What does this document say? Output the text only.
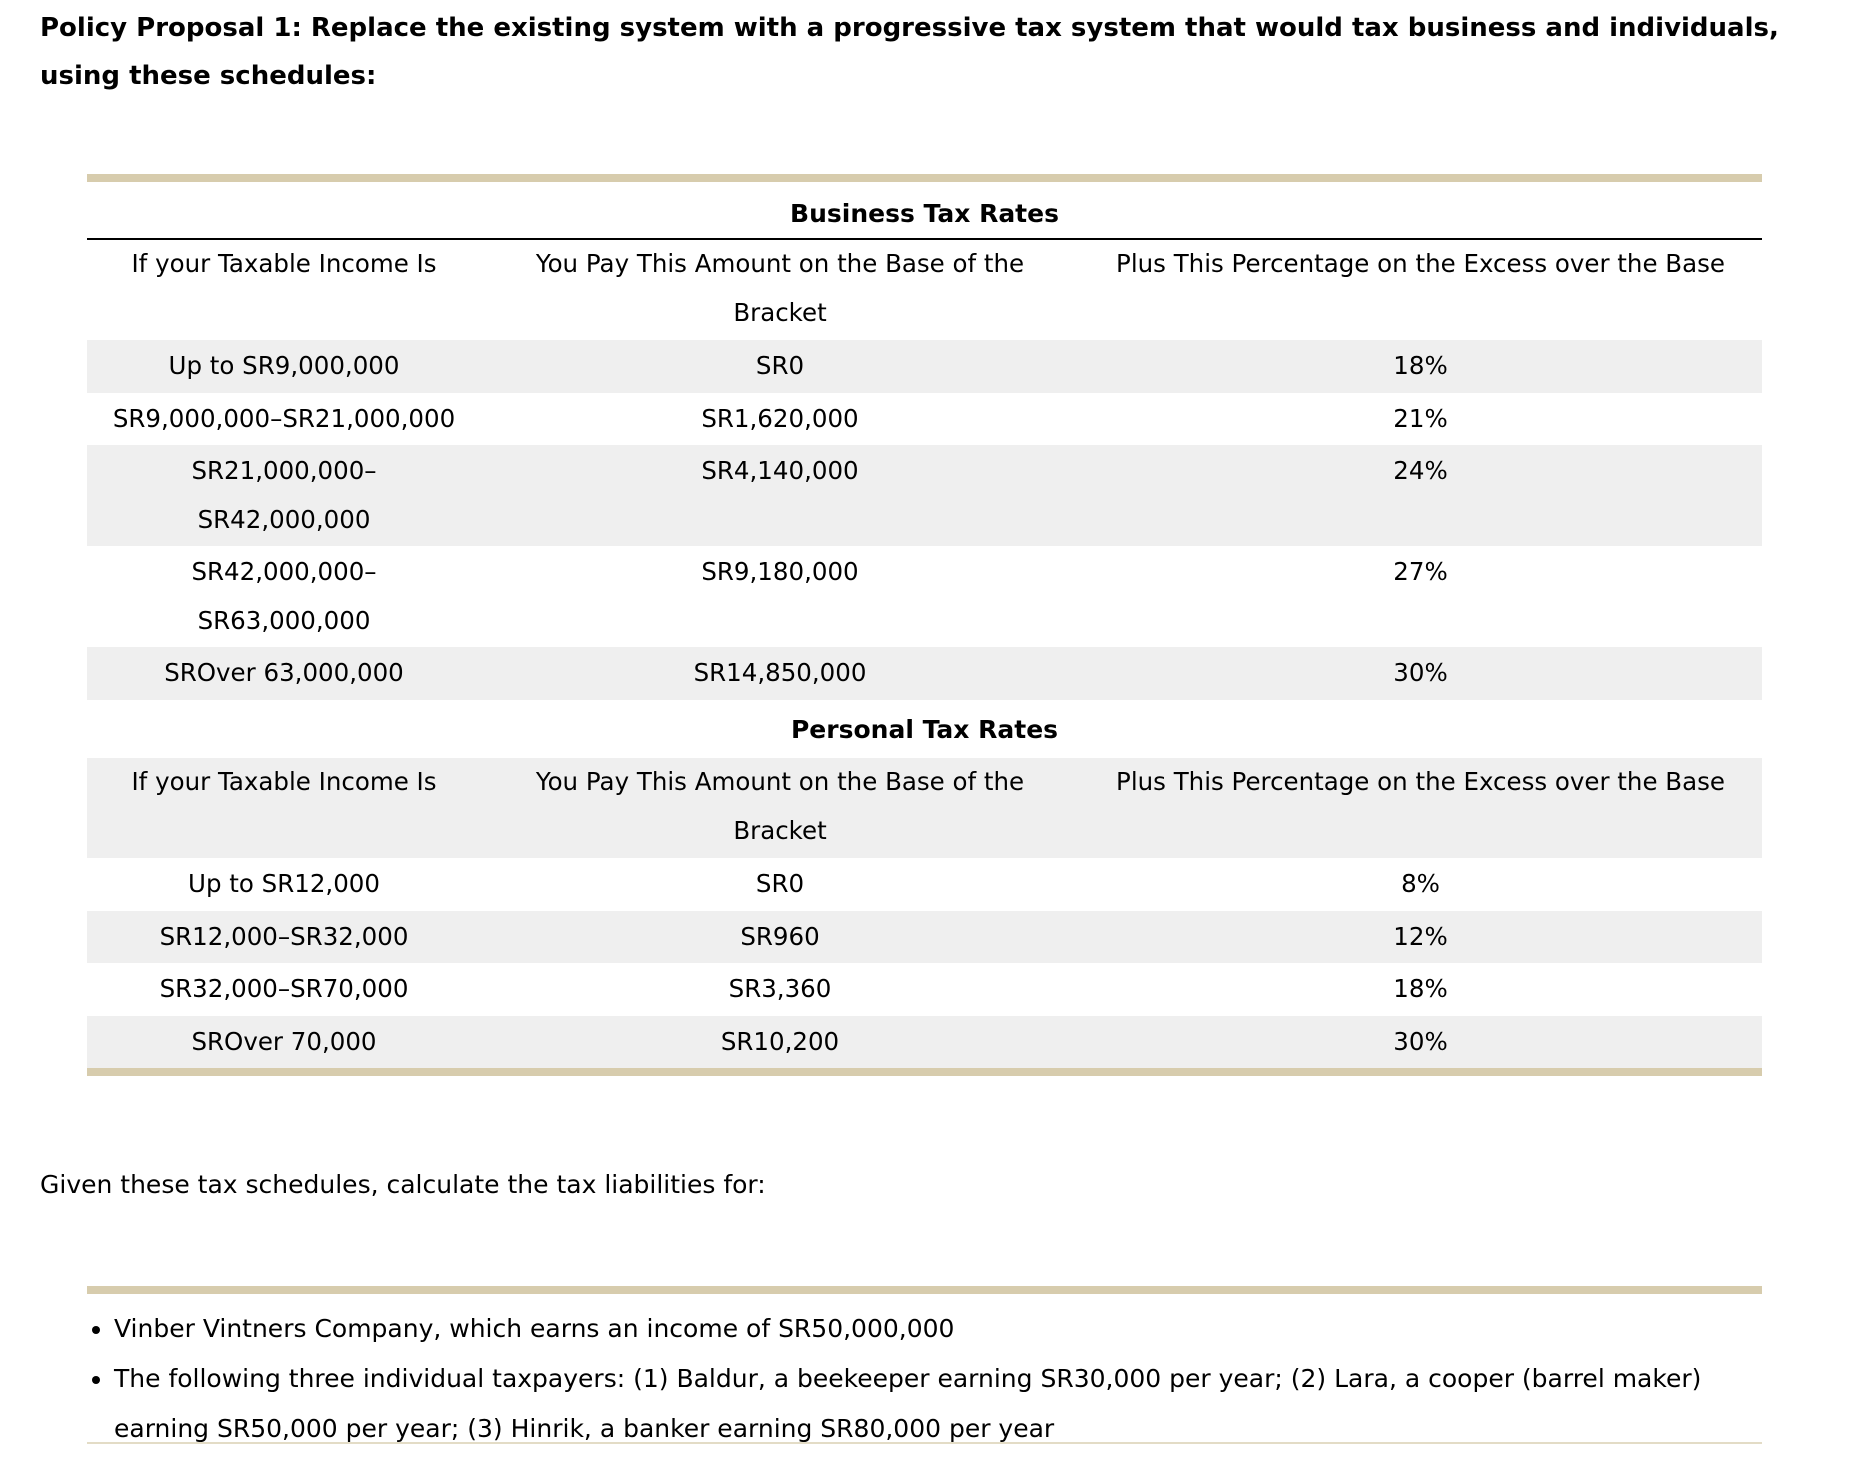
Policy Proposal 1: Replace the existing system with a progressive tax system that would tax business and individuals, using these schedules:

Business Tax Rates		
If your Taxable Income Is	You Pay This Amount on the Base of the Bracket	Plus This Percentage on the Excess over the Base
Up to SR9,000,000	SR0	18%
SR9,000,000–SR21,000,000	SR1,620,000	21%
SR21,000,000–SR42,000,000	SR4,140,000	24%
SR42,000,000–SR63,000,000	SR9,180,000	27%
SROver 63,000,000	SR14,850,000	30%
Personal Tax Rates		
If your Taxable Income Is	You Pay This Amount on the Base of the Bracket	Plus This Percentage on the Excess over the Base
Up to SR12,000	SR0	8%
SR12,000–SR32,000	SR960	12%
SR32,000–SR70,000	SR3,360	18%
SROver 70,000	SR10,200	30%

Given these tax schedules, calculate the tax liabilities for:

• Vinber Vintners Company, which earns an income of SR50,000,000
• The following three individual taxpayers: (1) Baldur, a beekeeper earning SR30,000 per year; (2) Lara, a cooper (barrel maker) earning SR50,000 per year; (3) Hinrik, a banker earning SR80,000 per year
